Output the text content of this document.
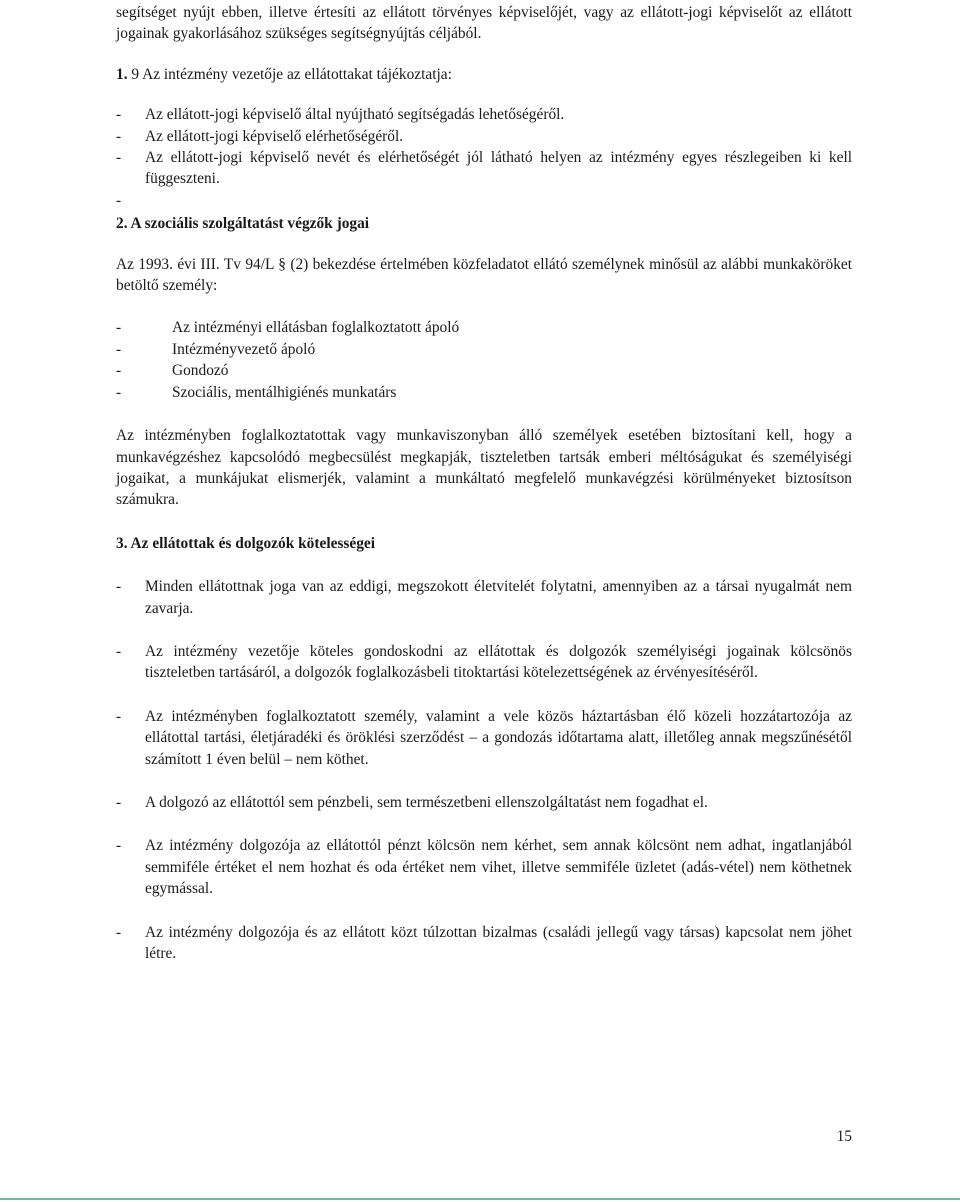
segítséget nyújt ebben, illetve értesíti az ellátott törvényes képviselőjét, vagy az ellátott-jogi képviselőt az ellátott jogainak gyakorlásához szükséges segítségnyújtás céljából.

1. 9 Az intézmény vezetője az ellátottakat tájékoztatja:

- Az ellátott-jogi képviselő által nyújtható segítségadás lehetőségéről.
- Az ellátott-jogi képviselő elérhetőségéről.
- Az ellátott-jogi képviselő nevét és elérhetőségét jól látható helyen az intézmény egyes részlegeiben ki kell függeszteni.
-

2. A szociális szolgáltatást végzők jogai

Az 1993. évi III. Tv 94/L § (2) bekezdése értelmében közfeladatot ellátó személynek minősül az alábbi munkaköröket betöltő személy:

-	Az intézményi ellátásban foglalkoztatott ápoló
-	Intézményvezető ápoló
-	Gondozó
-	Szociális, mentálhigiénés munkatárs

Az intézményben foglalkoztatottak vagy munkaviszonyban álló személyek esetében biztosítani kell, hogy a munkavégzéshez kapcsolódó megbecsülést megkapják, tiszteletben tartsák emberi méltóságukat és személyiségi jogaikat, a munkájukat elismerjék, valamint a munkáltató megfelelő munkavégzési körülményeket biztosítson számukra.

3. Az ellátottak és dolgozók kötelességei

- Minden ellátottnak joga van az eddigi, megszokott életvitelét folytatni, amennyiben az a társai nyugalmát nem zavarja.
- Az intézmény vezetője köteles gondoskodni az ellátottak és dolgozók személyiségi jogainak kölcsönös tiszteletben tartásáról, a dolgozók foglalkozásbeli titoktartási kötelezettségének az érvényesítéséről.
- Az intézményben foglalkoztatott személy, valamint a vele közös háztartásban élő közeli hozzátartozója az ellátottal tartási, életjáradéki és öröklési szerződést – a gondozás időtartama alatt, illetőleg annak megszűnésétől számított 1 éven belül – nem köthet.
- A dolgozó az ellátottól sem pénzbeli, sem természetbeni ellenszolgáltatást nem fogadhat el.
- Az intézmény dolgozója az ellátottól pénzt kölcsön nem kérhet, sem annak kölcsönt nem adhat, ingatlanjából semmiféle értéket el nem hozhat és oda értéket nem vihet, illetve semmiféle üzletet (adás-vétel) nem köthetnek egymással.
- Az intézmény dolgozója és az ellátott közt túlzottan bizalmas (családi jellegű vagy társas) kapcsolat nem jöhet létre.
15
